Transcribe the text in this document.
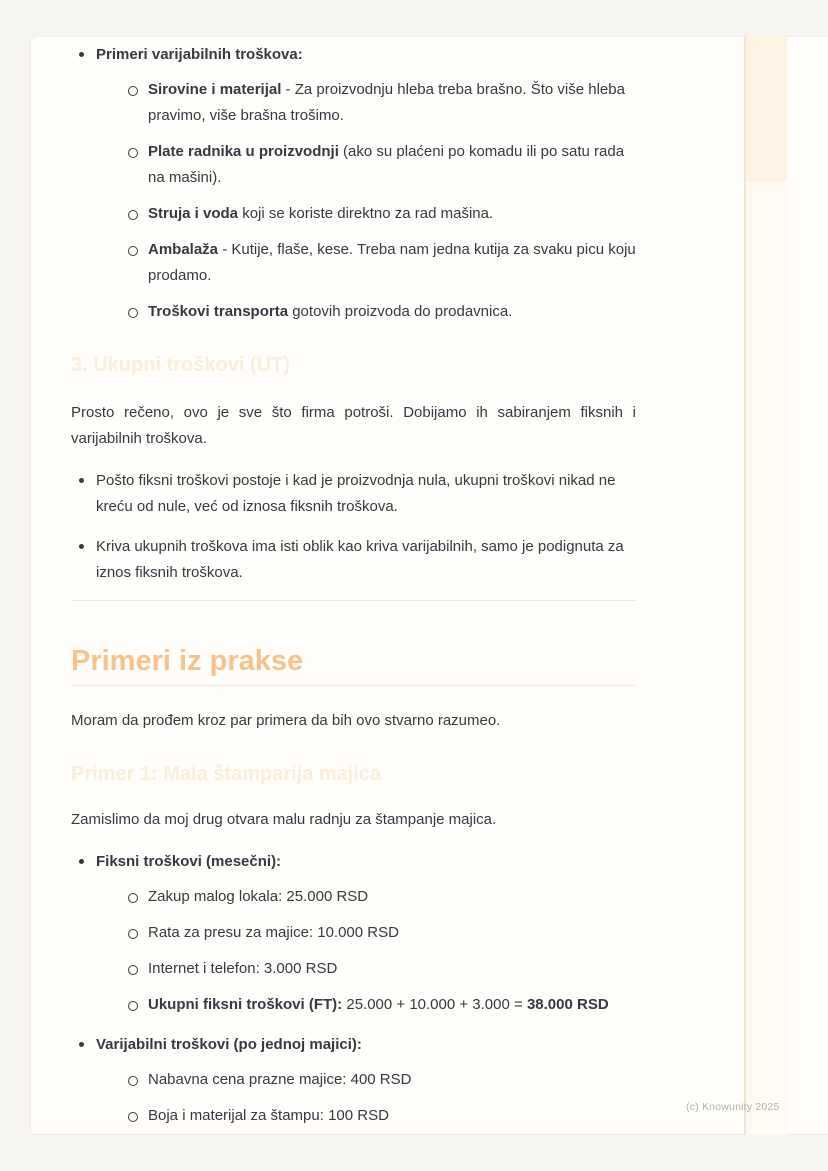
Primeri varijabilnih troškova:
Sirovine i materijal - Za proizvodnju hleba treba brašno. Što više hleba pravimo, više brašna trošimo.
Plate radnika u proizvodnji (ako su plaćeni po komadu ili po satu rada na mašini).
Struja i voda koji se koriste direktno za rad mašina.
Ambalaža - Kutije, flaše, kese. Treba nam jedna kutija za svaku picu koju prodamo.
Troškovi transporta gotovih proizvoda do prodavnica.
3. Ukupni troškovi (UT)
Prosto rečeno, ovo je sve što firma potroši. Dobijamo ih sabiranjem fiksnih i varijabilnih troškova.
Pošto fiksni troškovi postoje i kad je proizvodnja nula, ukupni troškovi nikad ne kreću od nule, već od iznosa fiksnih troškova.
Kriva ukupnih troškova ima isti oblik kao kriva varijabilnih, samo je podignuta za iznos fiksnih troškova.
Primeri iz prakse
Moram da prođem kroz par primera da bih ovo stvarno razumeo.
Primer 1: Mala štamparija majica
Zamislimo da moj drug otvara malu radnju za štampanje majica.
Fiksni troškovi (mesečni):
Zakup malog lokala: 25.000 RSD
Rata za presu za majice: 10.000 RSD
Internet i telefon: 3.000 RSD
Ukupni fiksni troškovi (FT): 25.000 + 10.000 + 3.000 = 38.000 RSD
Varijabilni troškovi (po jednoj majici):
Nabavna cena prazne majice: 400 RSD
Boja i materijal za štampu: 100 RSD	(c) Knowunity 2025
